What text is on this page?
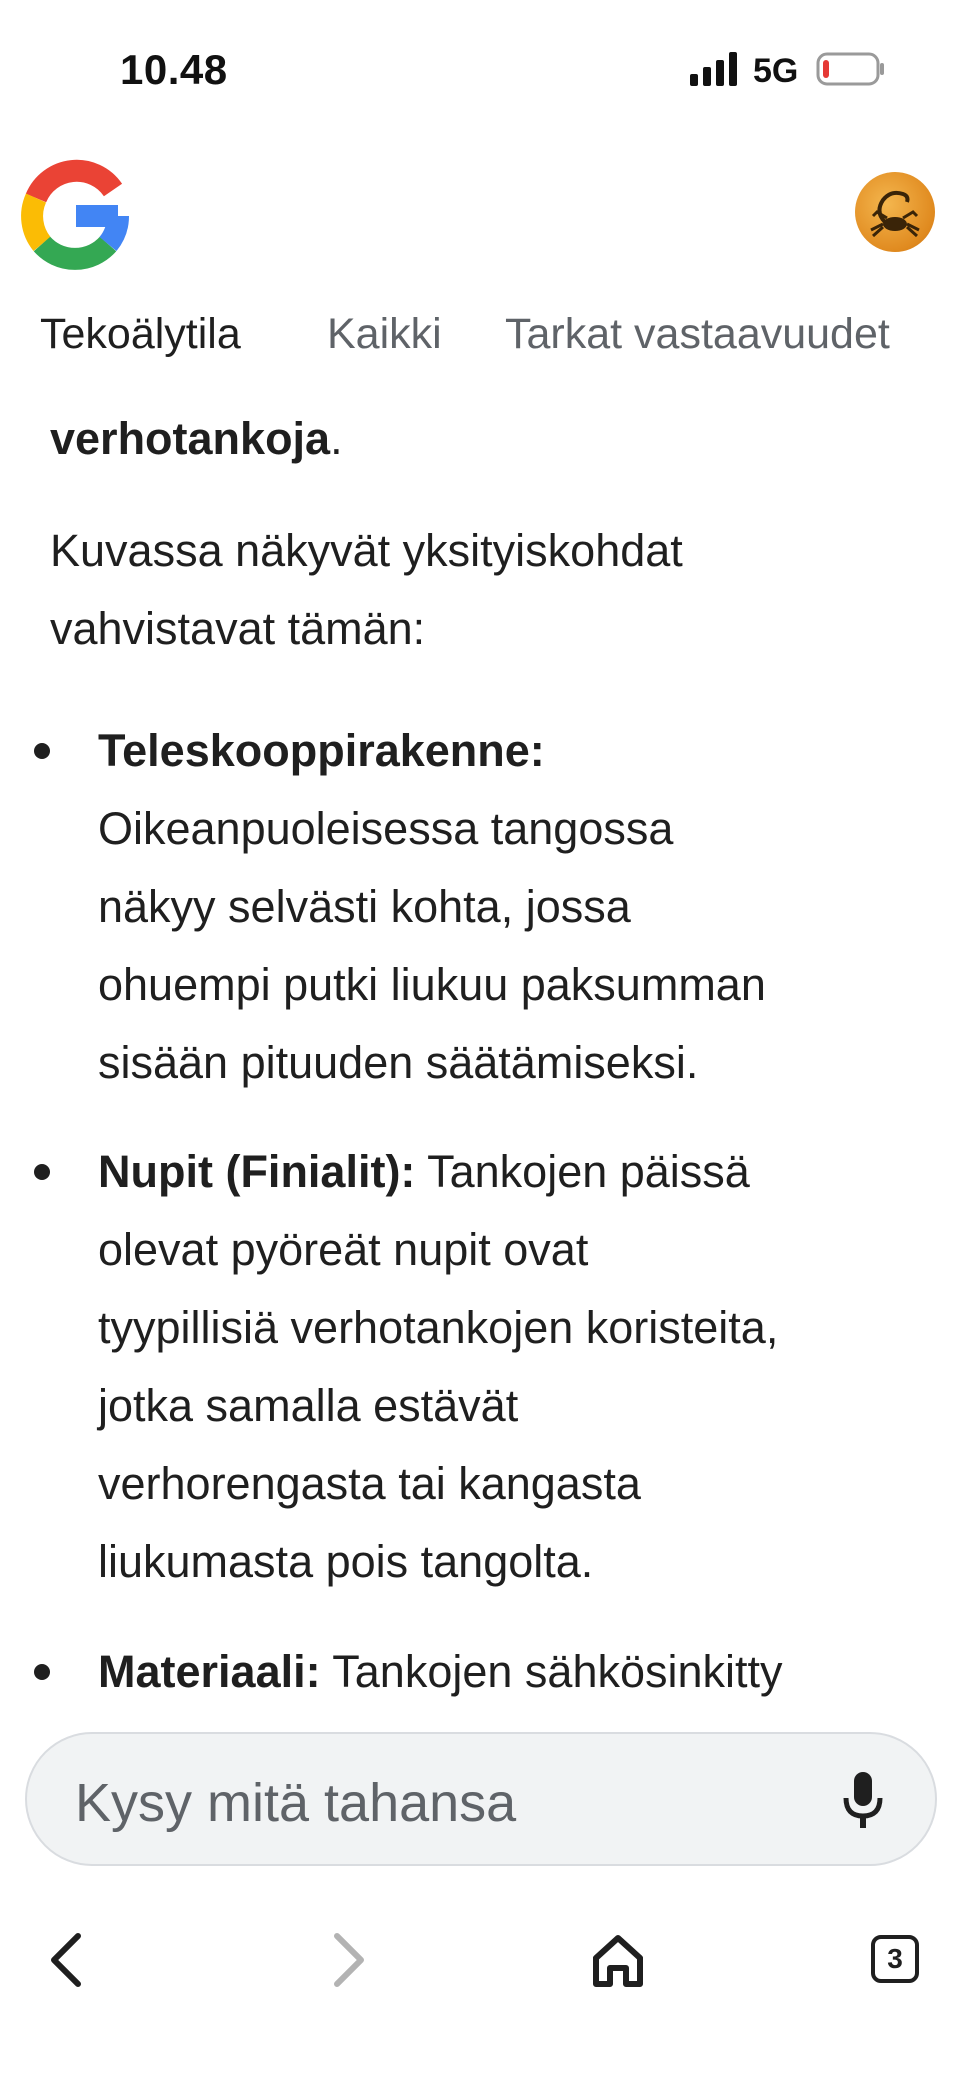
10.48	5G
Tekoälytila Kaikki Tarkat vastaavuudet
verhotankoja.
Kuvassa näkyvät yksityiskohdat
vahvistavat tämän:
Teleskooppirakenne:
Oikeanpuoleisessa tangossa
näkyy selvästi kohta, jossa
ohuempi putki liukuu paksumman
sisään pituuden säätämiseksi.
Nupit (Finialit): Tankojen päissä
olevat pyöreät nupit ovat
tyypillisiä verhotankojen koristeita,
jotka samalla estävät
verhorengasta tai kangasta
liukumasta pois tangolta.
Materiaali: Tankojen sähkösinkitty
Kysy mitä tahansa
3
